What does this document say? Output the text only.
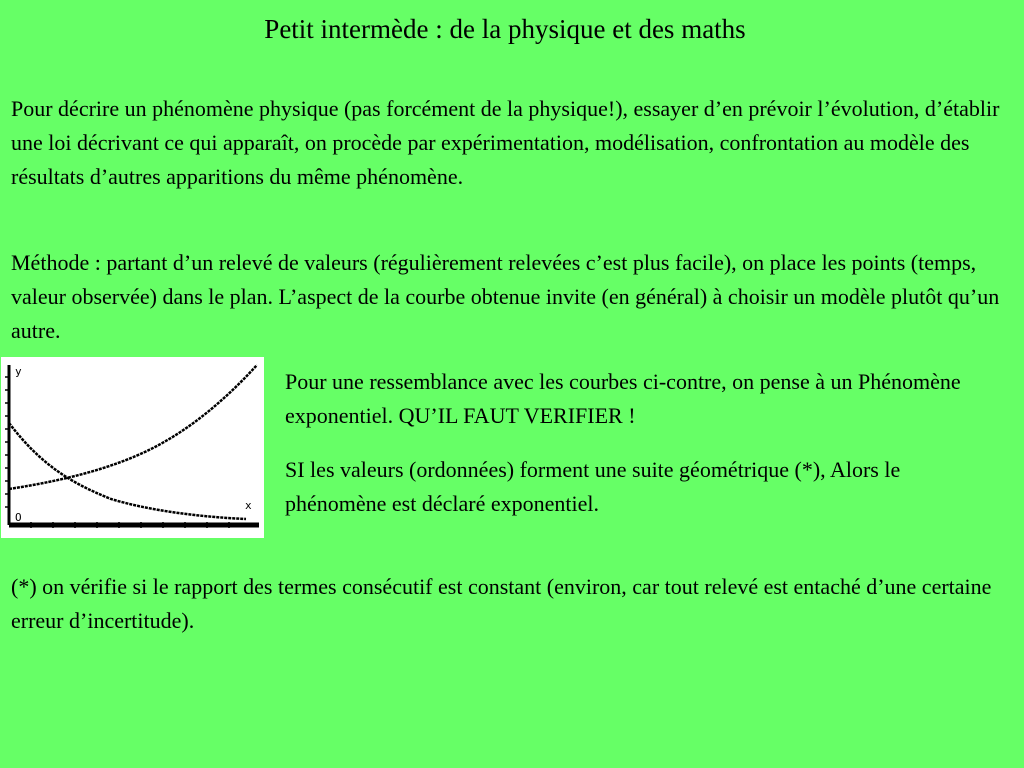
Petit intermède : de la physique et des maths

Pour décrire un phénomène physique (pas forcément de la physique!), essayer d’en prévoir l’évolution, d’établir une loi décrivant ce qui apparaît, on procède par expérimentation, modélisation, confrontation au modèle des résultats d’autres apparitions du même phénomène.

Méthode : partant d’un relevé de valeurs (régulièrement relevées c’est plus facile), on place les points (temps, valeur observée) dans le plan. L’aspect de la courbe obtenue invite (en général) à choisir un modèle plutôt qu’un autre.

y
x
O

Pour une ressemblance avec les courbes ci-contre, on pense à un Phénomène exponentiel. QU’IL FAUT VERIFIER !

SI les valeurs (ordonnées) forment une suite géométrique (*), Alors le phénomène est déclaré exponentiel.

(*) on vérifie si le rapport des termes consécutif est constant (environ, car tout relevé est entaché d’une certaine erreur d’incertitude).
